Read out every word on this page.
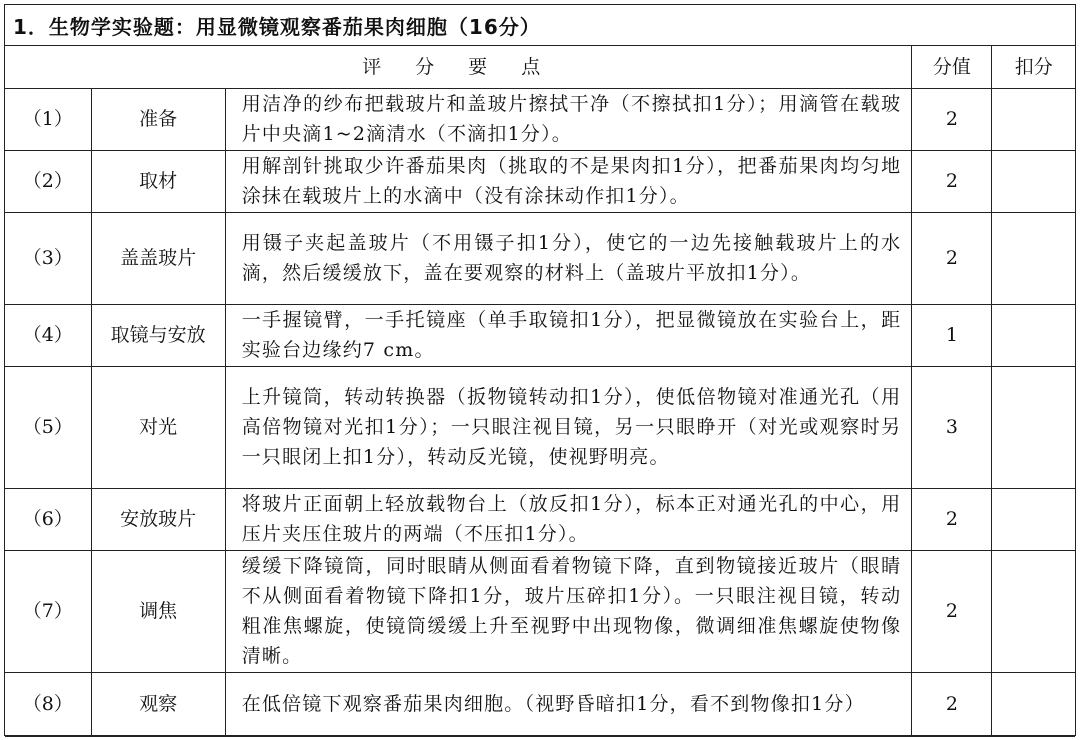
1．生物学实验题：用显微镜观察番茄果肉细胞（16分）
评 分 要 点			分值	扣分
（1）	准备	用洁净的纱布把载玻片和盖玻片擦拭干净（不擦拭扣1分）；用滴管在载玻片中央滴1~2滴清水（不滴扣1分）。	2	
（2）	取材	用解剖针挑取少许番茄果肉（挑取的不是果肉扣1分），把番茄果肉均匀地涂抹在载玻片上的水滴中（没有涂抹动作扣1分）。	2	
（3）	盖盖玻片	用镊子夹起盖玻片（不用镊子扣1分），使它的一边先接触载玻片上的水滴，然后缓缓放下，盖在要观察的材料上（盖玻片平放扣1分）。	2	
（4）	取镜与安放	一手握镜臂，一手托镜座（单手取镜扣1分），把显微镜放在实验台上，距实验台边缘约7 cm。	1	
（5）	对光	上升镜筒，转动转换器（扳物镜转动扣1分），使低倍物镜对准通光孔（用高倍物镜对光扣1分）；一只眼注视目镜，另一只眼睁开（对光或观察时另一只眼闭上扣1分），转动反光镜，使视野明亮。	3	
（6）	安放玻片	将玻片正面朝上轻放载物台上（放反扣1分），标本正对通光孔的中心，用压片夹压住玻片的两端（不压扣1分）。	2	
（7）	调焦	缓缓下降镜筒，同时眼睛从侧面看着物镜下降，直到物镜接近玻片（眼睛不从侧面看着物镜下降扣1分，玻片压碎扣1分）。一只眼注视目镜，转动粗准焦螺旋，使镜筒缓缓上升至视野中出现物像，微调细准焦螺旋使物像清晰。	2	
（8）	观察	在低倍镜下观察番茄果肉细胞。（视野昏暗扣1分，看不到物像扣1分）	2	
